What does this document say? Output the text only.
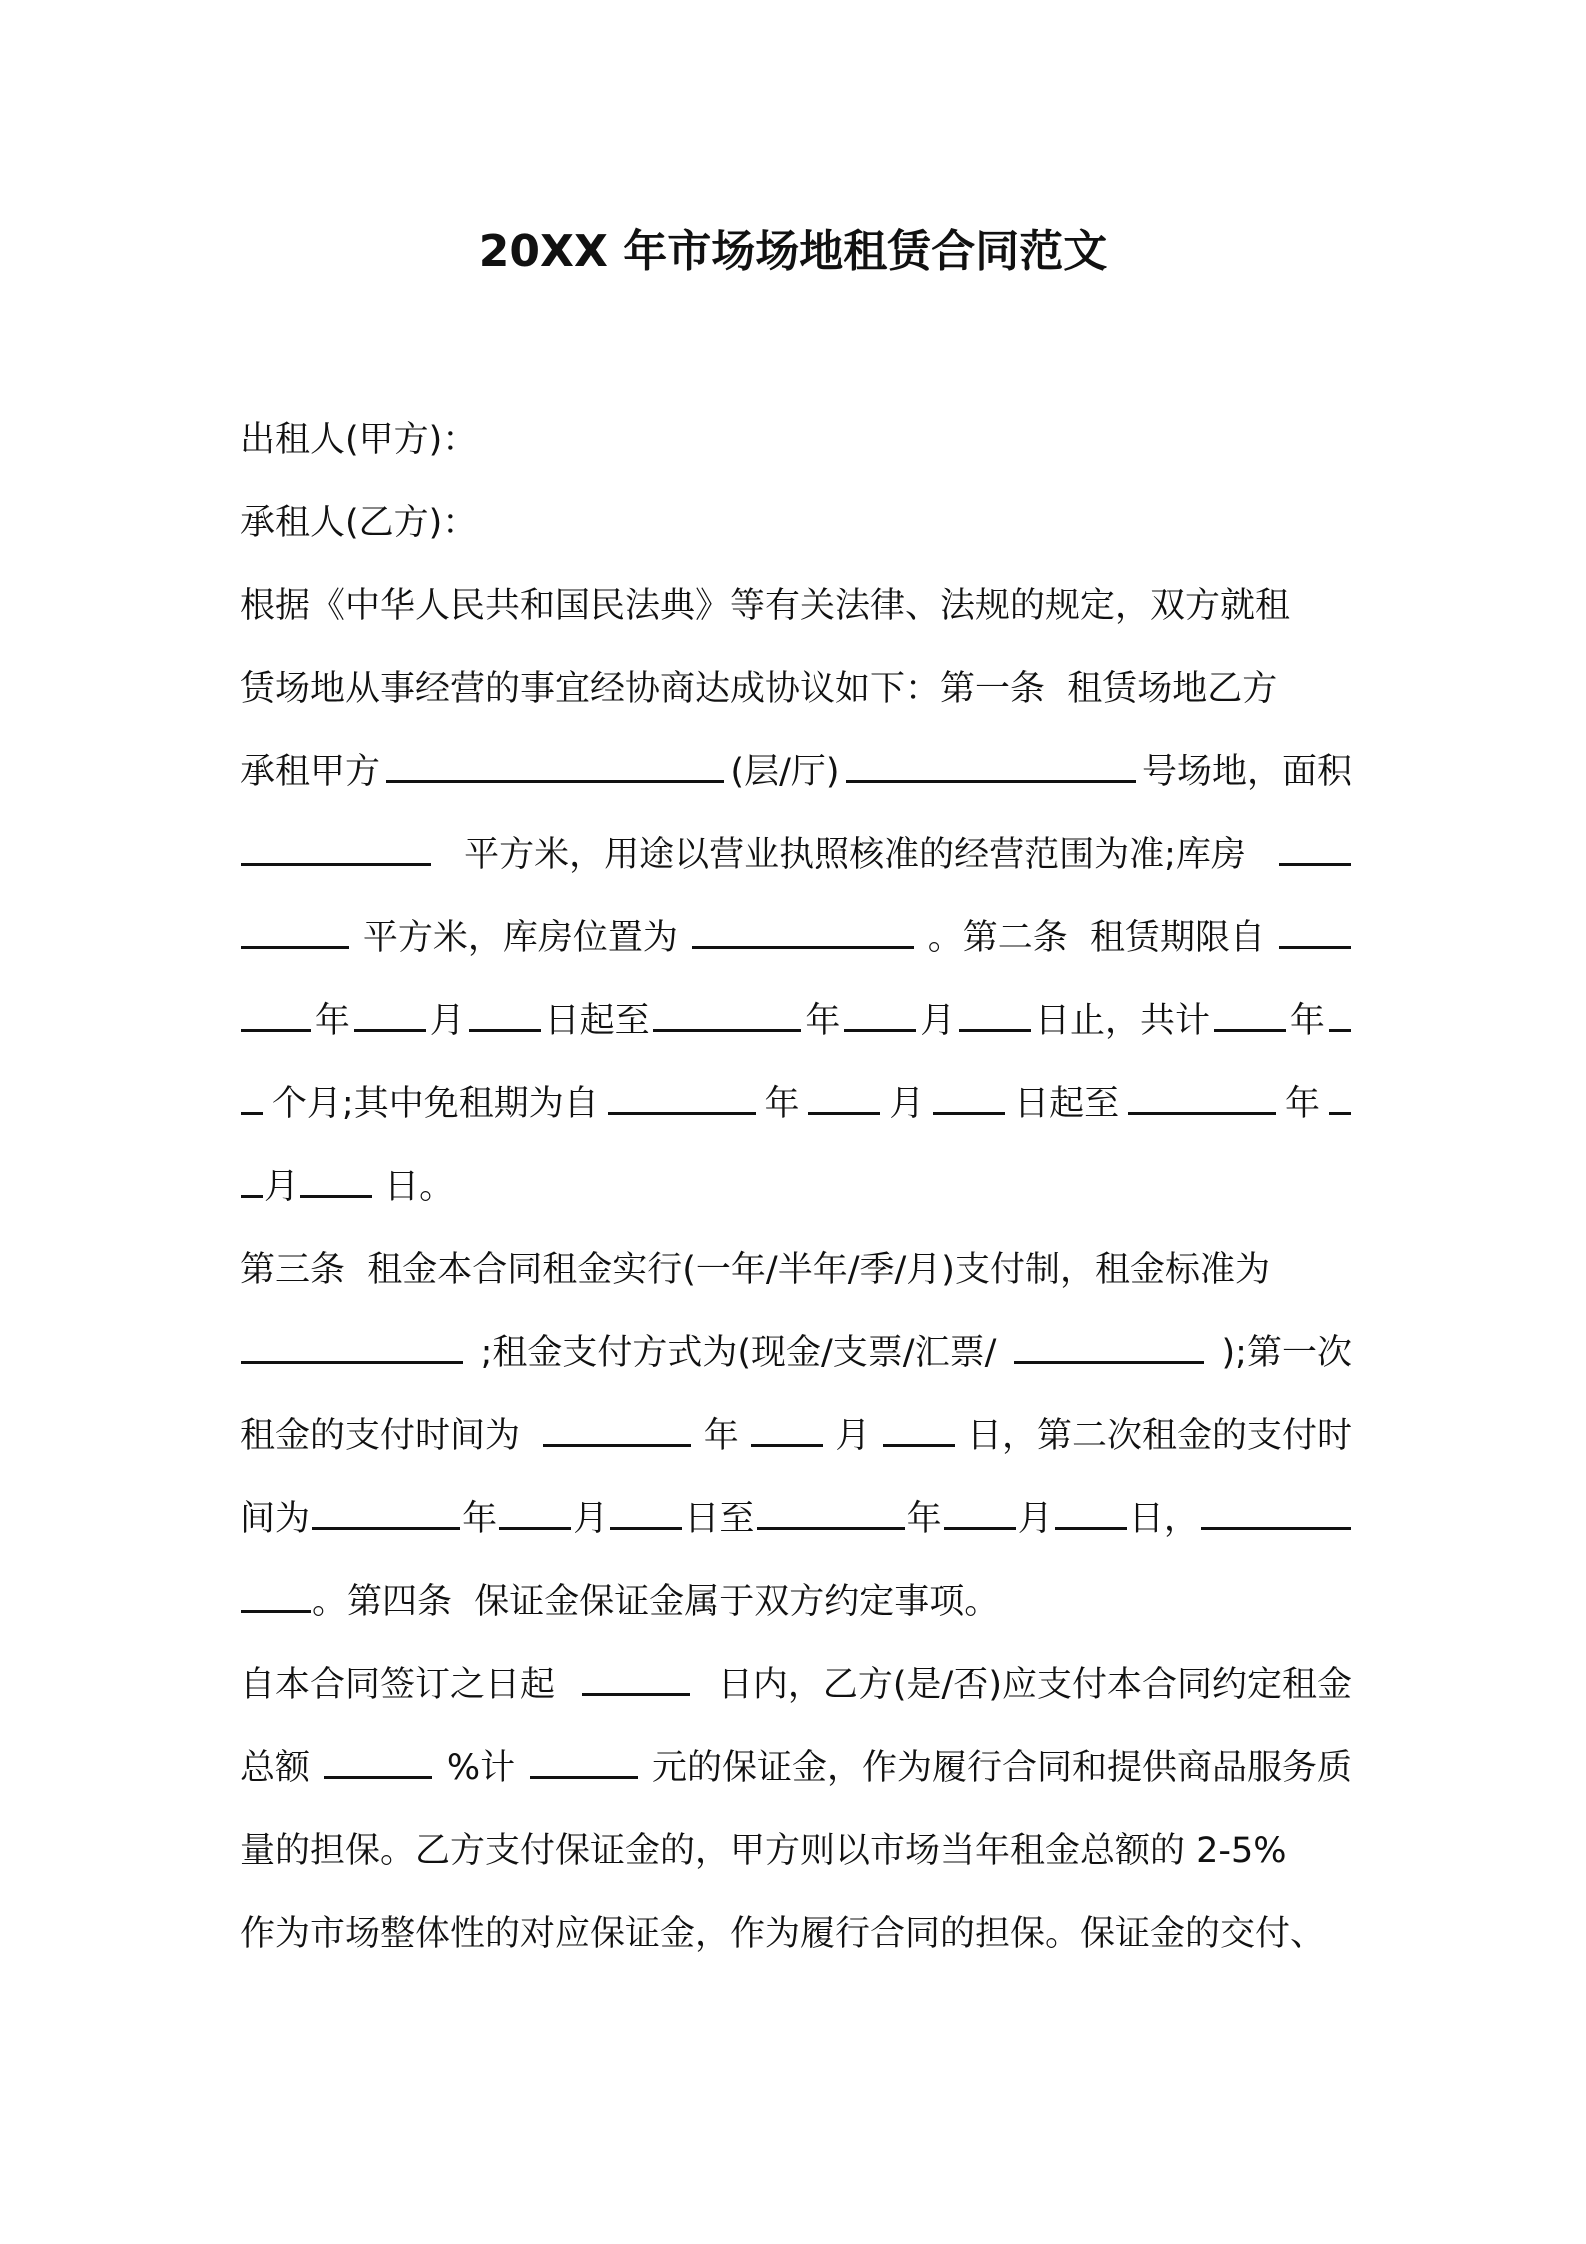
20XX 年市场场地租赁合同范文
出租人(甲方)：
承租人(乙方)：
根据《中华人民共和国民法典》等有关法律、法规的规定，双方就租
赁场地从事经营的事宜经协商达成协议如下：第一条  租赁场地乙方
承租甲方	(层/厅)	号场地，面积
平方米，用途以营业执照核准的经营范围为准;库房
平方米，库房位置为	。第二条  租赁期限自
年 月 日起至	年 月 日止，共计 年
个月;其中免租期为自	年	月	日起至	年
月 日。
第三条  租金本合同租金实行(一年/半年/季/月)支付制，租金标准为
;租金支付方式为(现金/支票/汇票/	);第一次
租金的支付时间为	年	月	日，第二次租金的支付时
间为	年 月 日至	年 月 日，
。第四条  保证金保证金属于双方约定事项。
自本合同签订之日起	日内，乙方(是/否)应支付本合同约定租金
总额	%计	元的保证金，作为履行合同和提供商品服务质
量的担保。乙方支付保证金的，甲方则以市场当年租金总额的 2-5%
作为市场整体性的对应保证金，作为履行合同的担保。保证金的交付、
